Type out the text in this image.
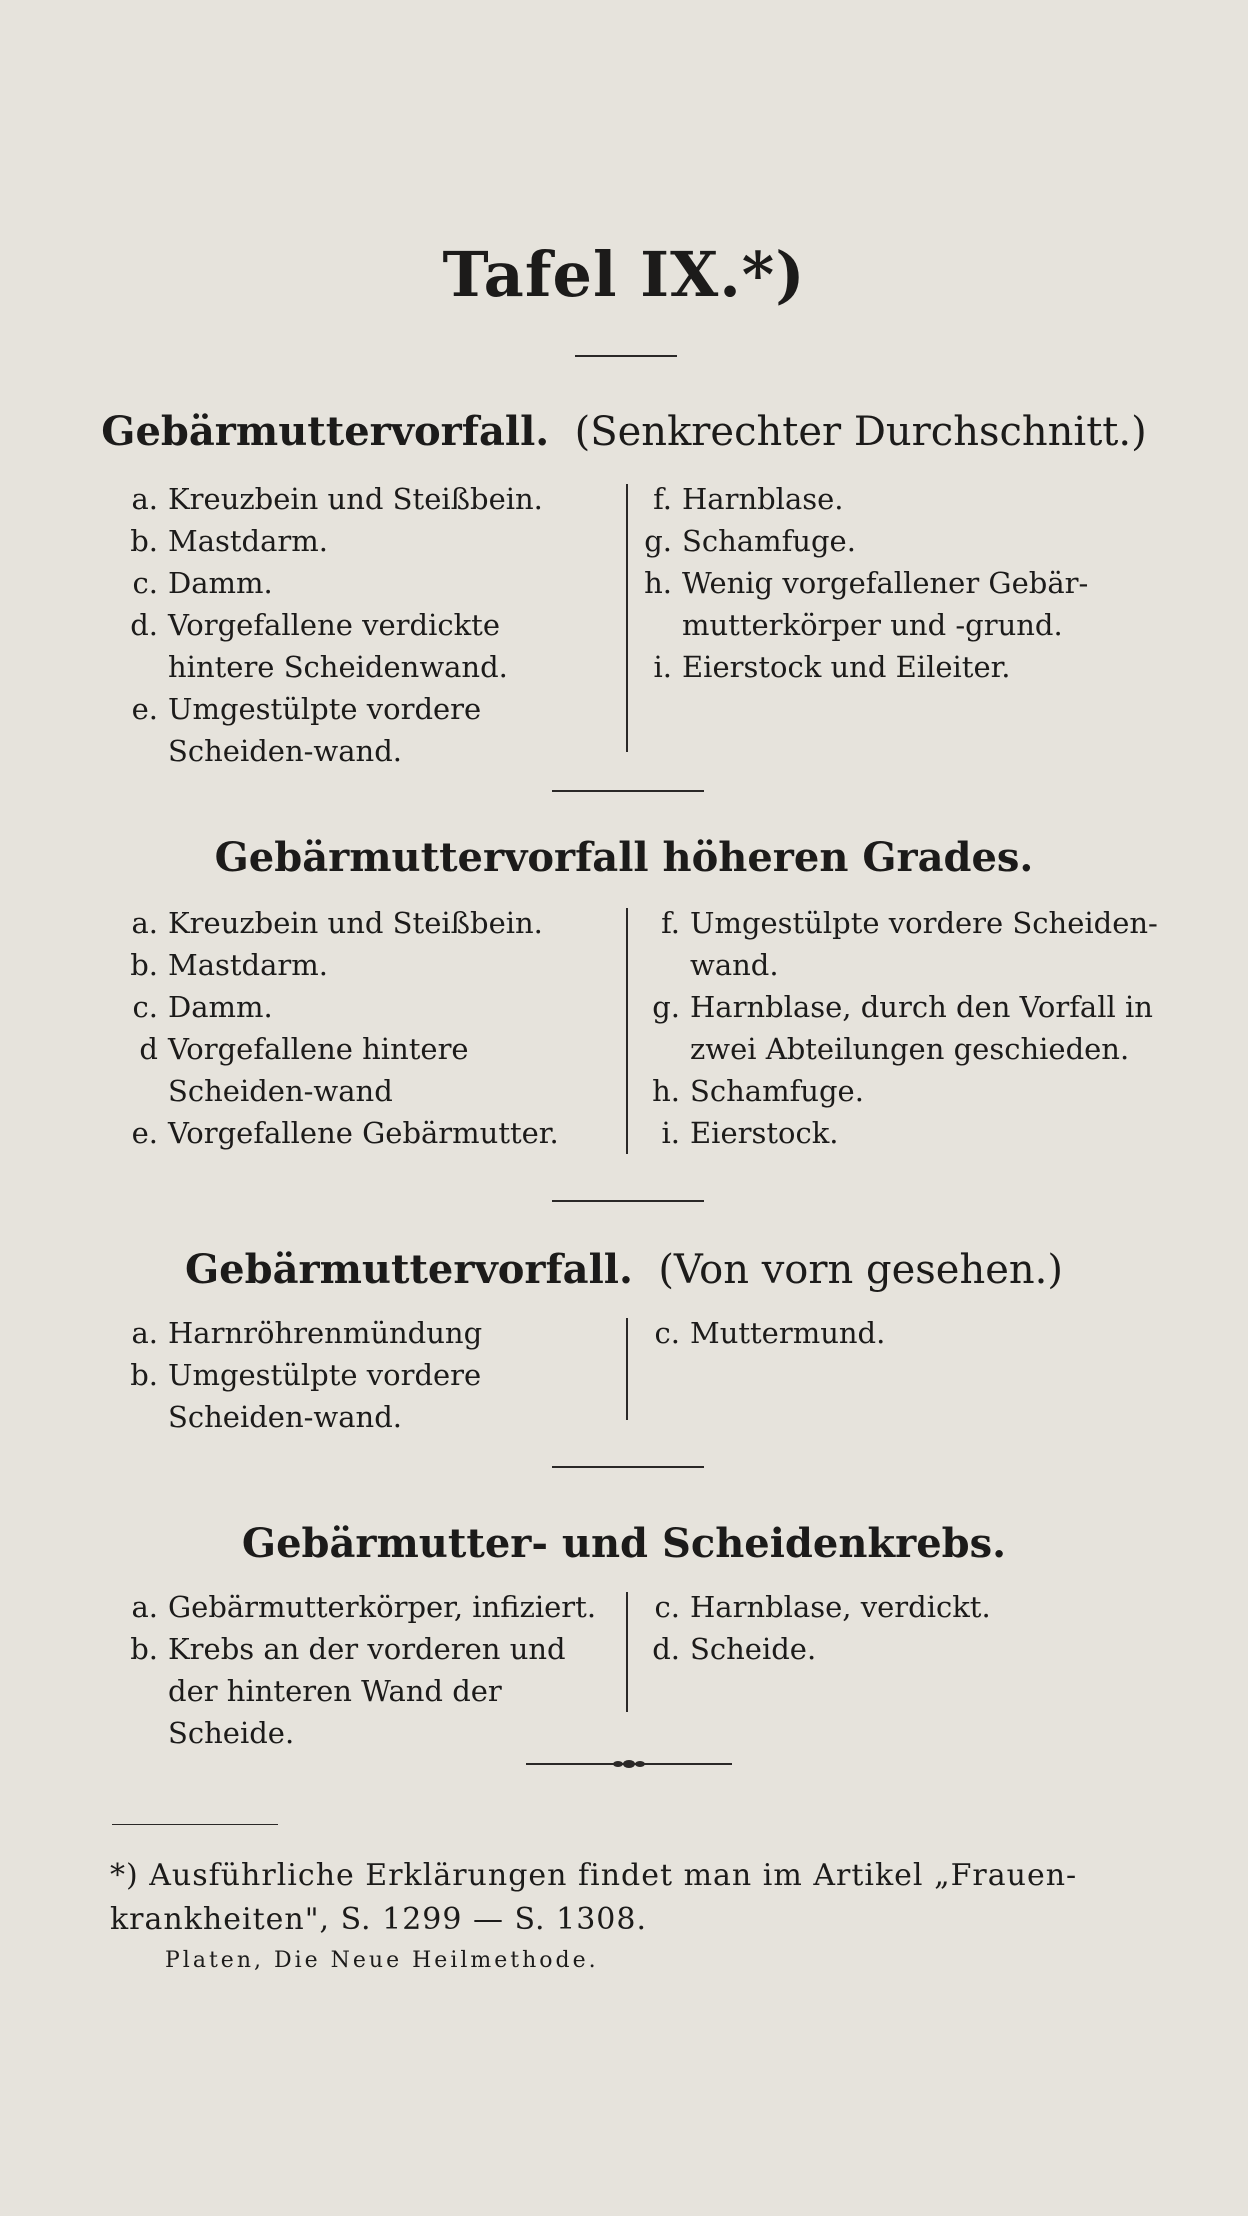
Tafel IX.*)
Gebärmuttervorfall. (Senkrechter Durchschnitt.)
a. Kreuzbein und Steißbein.
b. Mastdarm.
c. Damm.
d. Vorgefallene verdickte hintere Scheidenwand.
e. Umgestülpte vordere Scheiden-wand.
f. Harnblase.
g. Schamfuge.
h. Wenig vorgefallener Gebär-mutterkörper und -grund.
i. Eierstock und Eileiter.
Gebärmuttervorfall höheren Grades.
a. Kreuzbein und Steißbein.
b. Mastdarm.
c. Damm.
d Vorgefallene hintere Scheiden-wand
e. Vorgefallene Gebärmutter.
f. Umgestülpte vordere Scheiden-wand.
g. Harnblase, durch den Vorfall in zwei Abteilungen geschieden.
h. Schamfuge.
i. Eierstock.
Gebärmuttervorfall. (Von vorn gesehen.)
a. Harnröhrenmündung
b. Umgestülpte vordere Scheiden-wand.
c. Muttermund.
Gebärmutter- und Scheidenkrebs.
a. Gebärmutterkörper, infiziert.
b. Krebs an der vorderen und der hinteren Wand der Scheide.
c. Harnblase, verdickt.
d. Scheide.
*) Ausführliche Erklärungen findet man im Artikel „Frauen-krankheiten", S. 1299 — S. 1308.
Platen, Die Neue Heilmethode.
